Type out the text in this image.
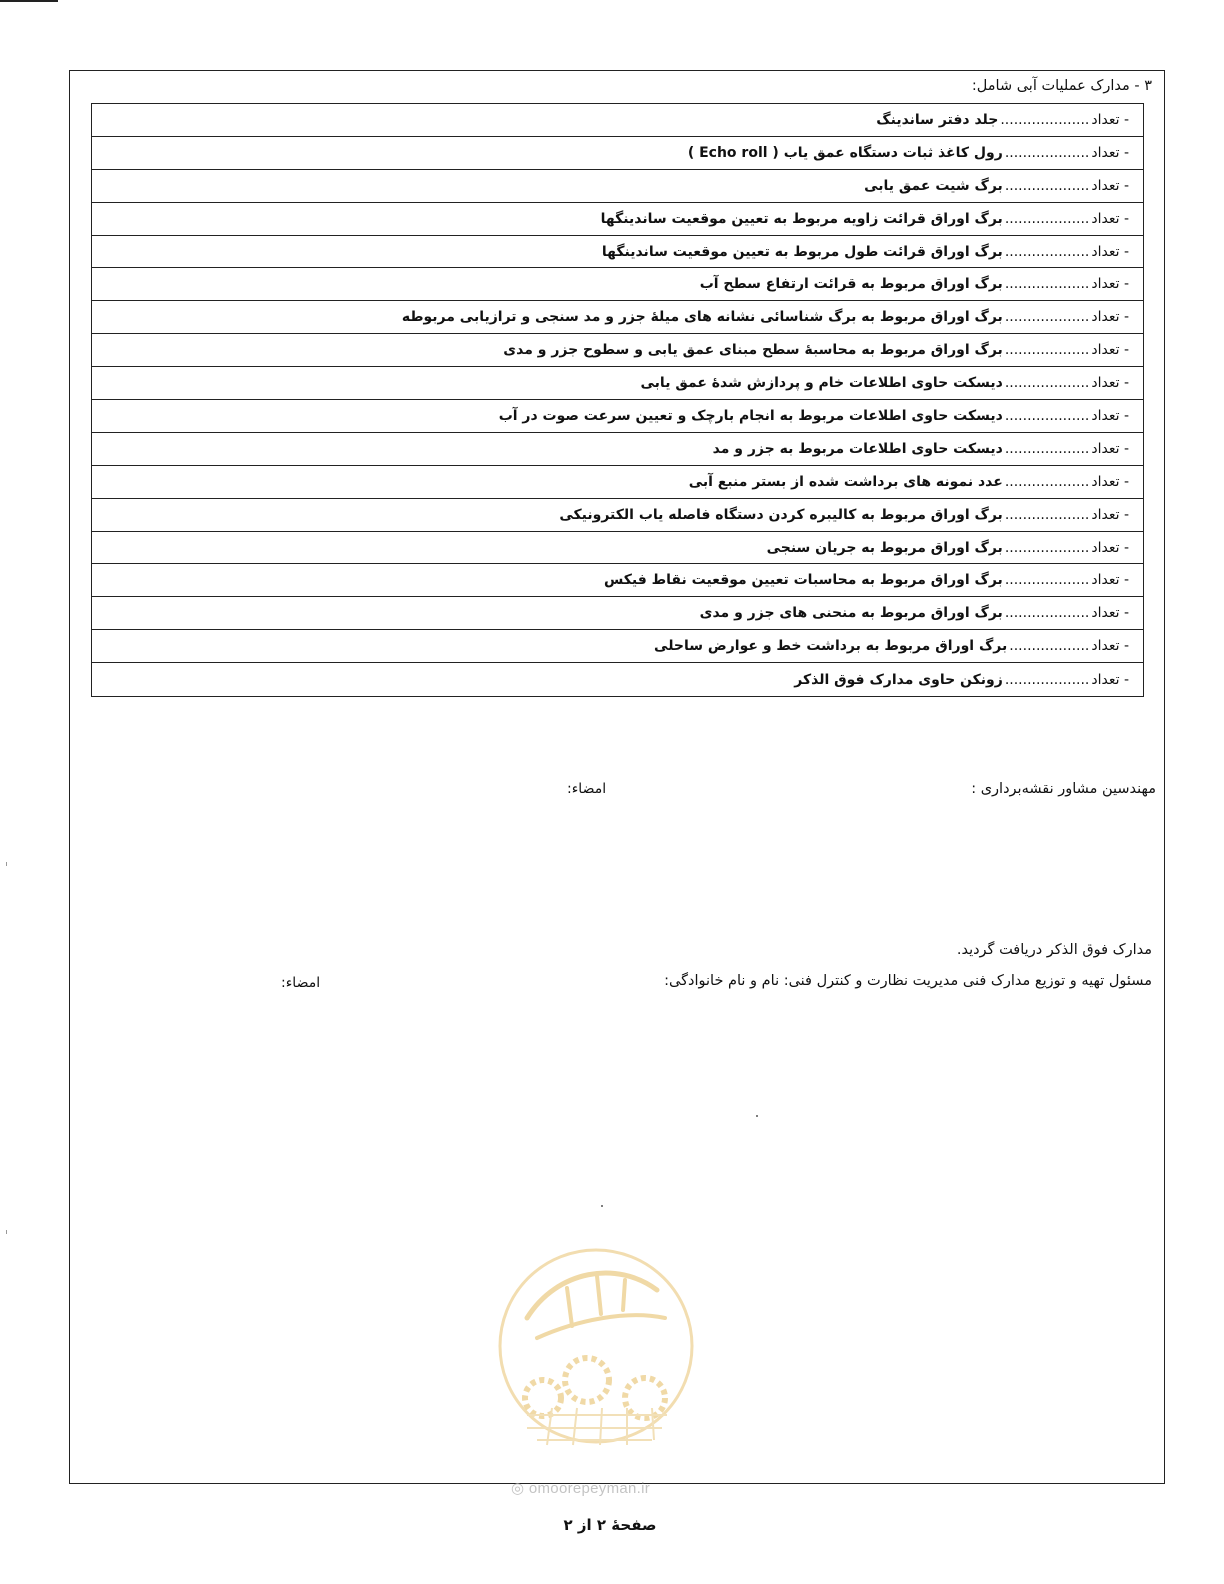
۳ - مدارک عملیات آبی شامل:
- تعداد
....................
جلد دفتر ساندینگ
- تعداد
...................
رول کاغذ ثبات دستگاه عمق یاب ( Echo roll )
- تعداد
...................
برگ شیت عمق یابی
- تعداد
...................
برگ اوراق قرائت زاویه مربوط به تعیین موقعیت ساندینگها
- تعداد
...................
برگ اوراق قرائت طول مربوط به تعیین موقعیت ساندینگها
- تعداد
...................
برگ اوراق مربوط به قرائت ارتفاع سطح آب
- تعداد
...................
برگ اوراق مربوط به برگ شناسائی نشانه های میلهٔ جزر و مد سنجی و ترازیابی مربوطه
- تعداد
...................
برگ اوراق مربوط به محاسبهٔ سطح مبنای عمق یابی و سطوح جزر و مدی
- تعداد
...................
دیسکت حاوی اطلاعات خام و پردازش شدهٔ عمق یابی
- تعداد
...................
دیسکت حاوی اطلاعات مربوط به انجام بارچک و تعیین سرعت صوت در آب
- تعداد
...................
دیسکت حاوی اطلاعات مربوط به جزر و مد
- تعداد
...................
عدد نمونه های برداشت شده از بستر منبع آبی
- تعداد
...................
برگ اوراق مربوط به کالیبره کردن دستگاه فاصله یاب الکترونیکی
- تعداد
...................
برگ اوراق مربوط به جریان سنجی
- تعداد
...................
برگ اوراق مربوط به محاسبات تعیین موقعیت نقاط فیکس
- تعداد
...................
برگ اوراق مربوط به منحنی های جزر و مدی
- تعداد
..................
برگ اوراق مربوط به برداشت خط و عوارض ساحلی
- تعداد
...................
زونکن حاوی مدارک فوق الذکر
مهندسین مشاور نقشه‌برداری :
امضاء:
مدارک فوق الذکر دریافت گردید.
مسئول تهیه و توزیع مدارک فنی مدیریت نظارت و کنترل فنی: نام و نام خانوادگی:
امضاء:
◎ omoorepeyman.ir
صفحهٔ ۲ از ۲
